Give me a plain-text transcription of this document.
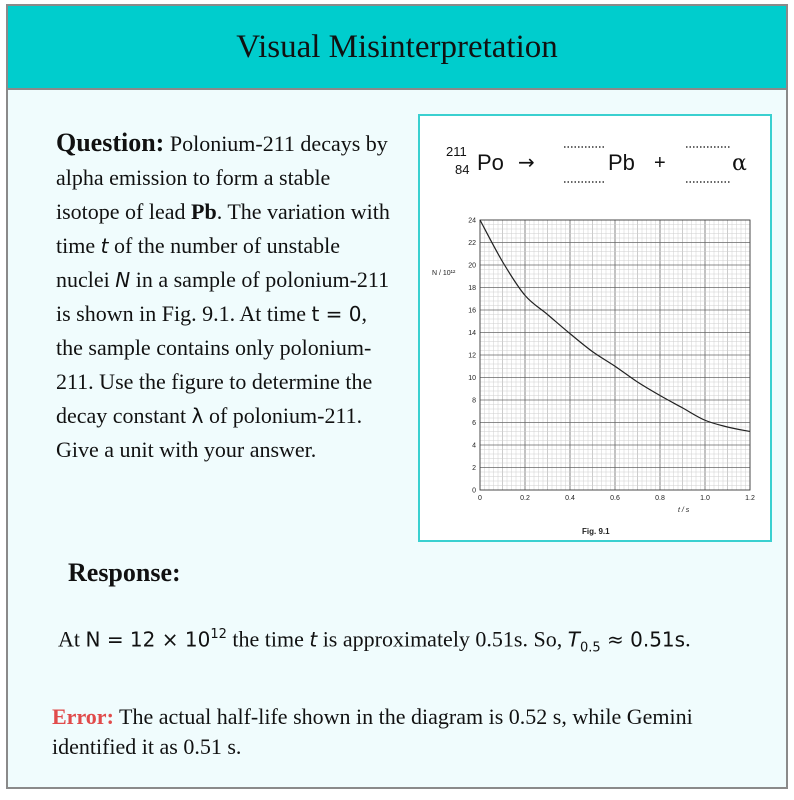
Visual Misinterpretation
Question: Polonium-211 decays by alpha emission to form a stable isotope of lead Pb. The variation with time t of the number of unstable nuclei N in a sample of polonium-211 is shown in Fig. 9.1. At time t = 0, the sample contains only polonium-211. Use the figure to determine the decay constant λ of polonium-211. Give a unit with your answer.
211
84 Po →	Pb +	α
0
2
4
6
8
10
12
14
16
18
20
22
24
0	0.2	0.4	0.6	0.8	1.0	1.2
N / 10¹²
t / s
Fig. 9.1
Response:
At $N = 12 \times 10^{12}$ the time t is approximately 0.51s. So, $T_{0.5} \approx 0.51s$.
Error: The actual half-life shown in the diagram is 0.52 s, while Gemini identified it as 0.51 s.
